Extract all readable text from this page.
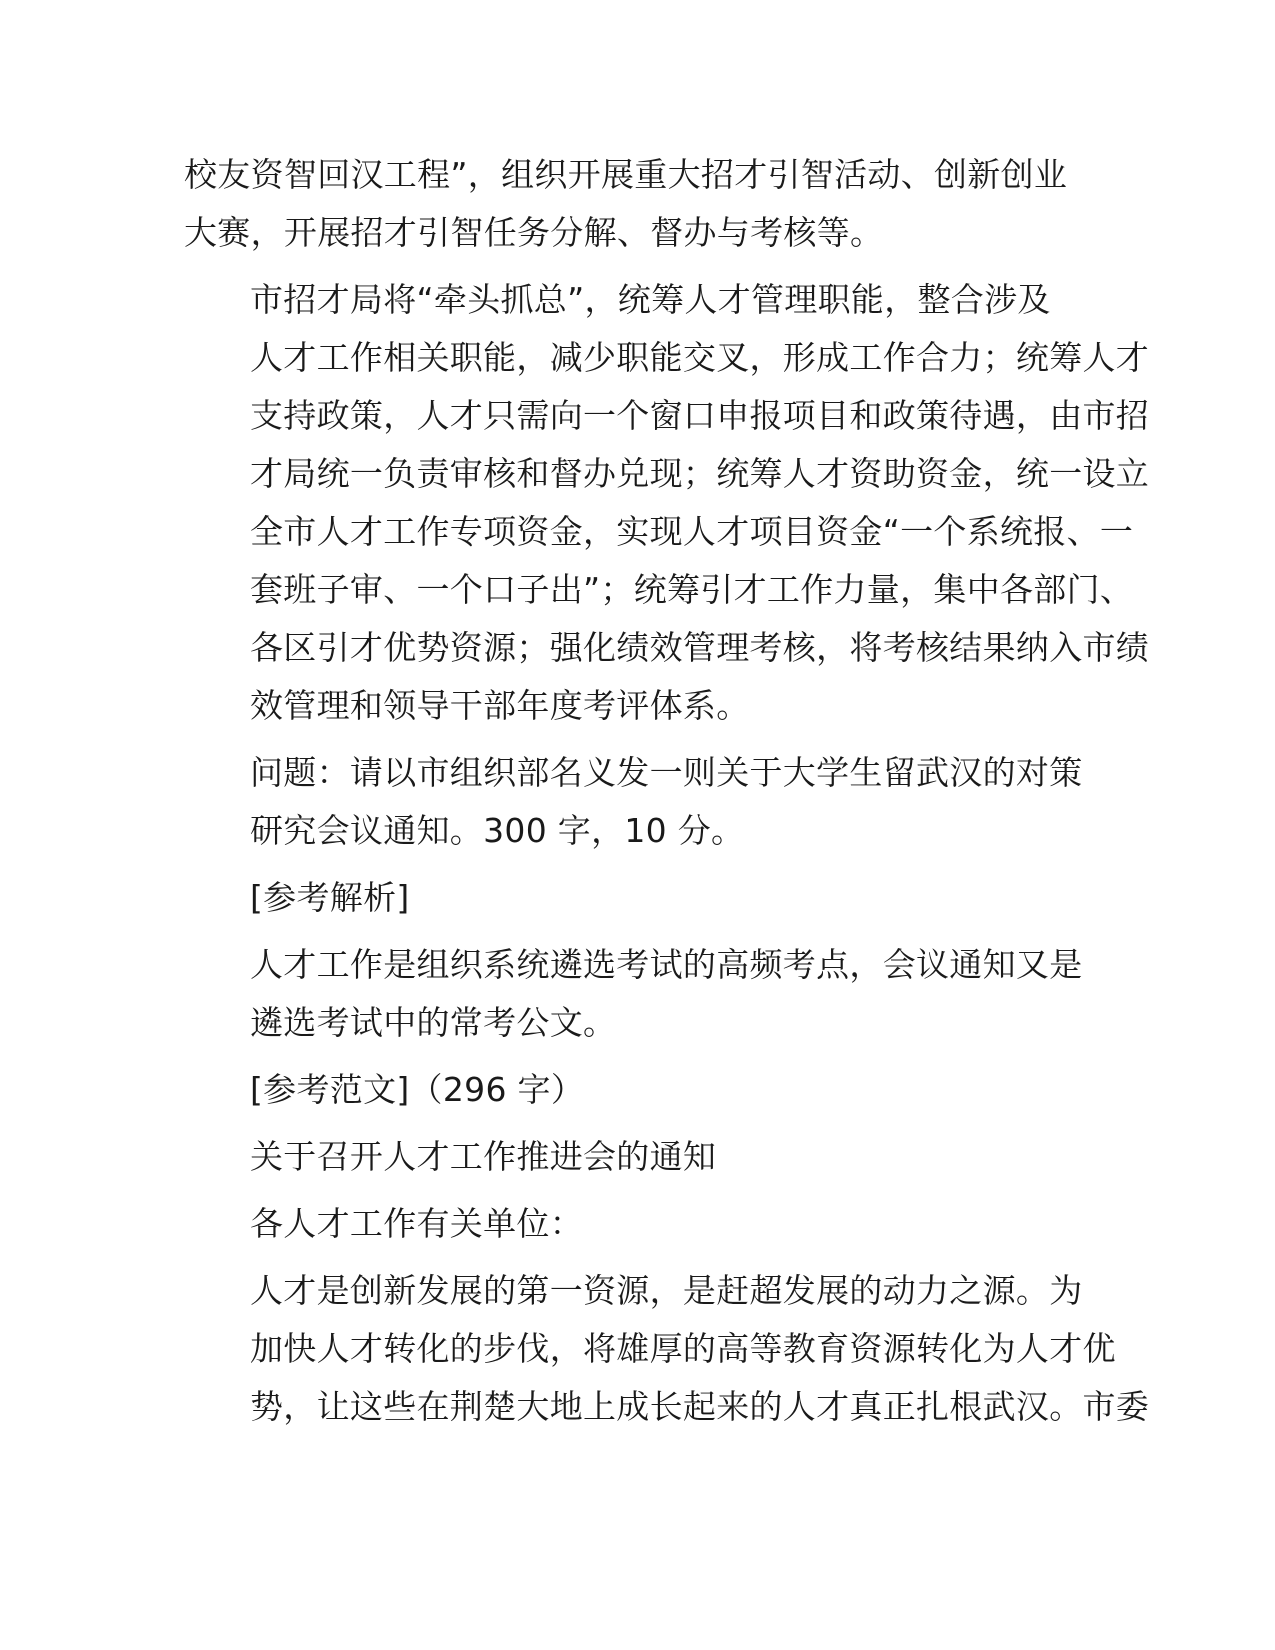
校友资智回汉工程”，组织开展重大招才引智活动、创新创业
大赛，开展招才引智任务分解、督办与考核等。

市招才局将“牵头抓总”，统筹人才管理职能，整合涉及
人才工作相关职能，减少职能交叉，形成工作合力；统筹人才
支持政策，人才只需向一个窗口申报项目和政策待遇，由市招
才局统一负责审核和督办兑现；统筹人才资助资金，统一设立
全市人才工作专项资金，实现人才项目资金“一个系统报、一
套班子审、一个口子出”；统筹引才工作力量，集中各部门、
各区引才优势资源；强化绩效管理考核，将考核结果纳入市绩
效管理和领导干部年度考评体系。

问题：请以市组织部名义发一则关于大学生留武汉的对策
研究会议通知。300 字，10 分。

[参考解析]

人才工作是组织系统遴选考试的高频考点，会议通知又是
遴选考试中的常考公文。

[参考范文]（296 字）

关于召开人才工作推进会的通知

各人才工作有关单位：

人才是创新发展的第一资源，是赶超发展的动力之源。为
加快人才转化的步伐，将雄厚的高等教育资源转化为人才优
势，让这些在荆楚大地上成长起来的人才真正扎根武汉。市委
